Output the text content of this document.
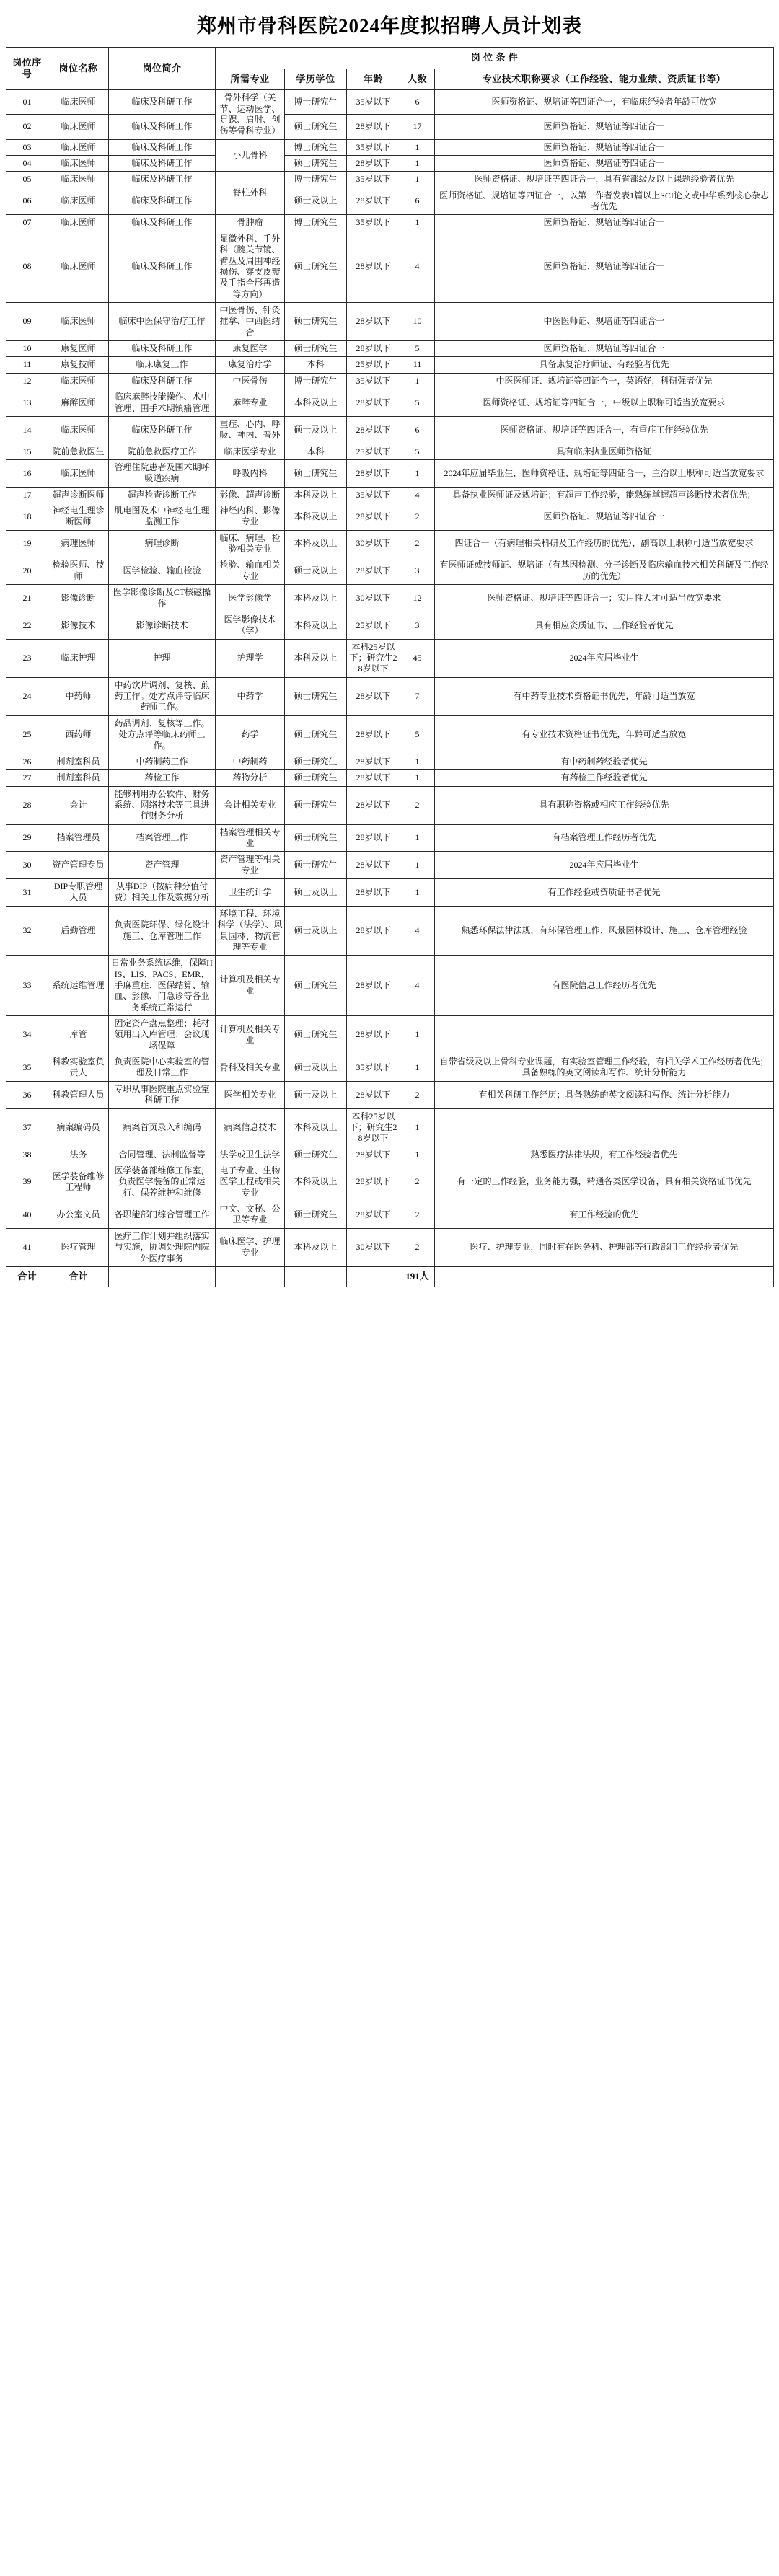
郑州市骨科医院2024年度拟招聘人员计划表
岗位序号	岗位名称	岗位简介	岗 位 条 件				
			所需专业	学历学位	年龄	人数	专业技术职称要求（工作经验、能力业绩、资质证书等）
01	临床医师	临床及科研工作	骨外科学（关节、运动医学、足踝、肩肘、创伤等骨科专业）	博士研究生	35岁以下	6	医师资格证、规培证等四证合一，有临床经验者年龄可放宽
02	临床医师	临床及科研工作		硕士研究生	28岁以下	17	医师资格证、规培证等四证合一
03	临床医师	临床及科研工作	小儿骨科	博士研究生	35岁以下	1	医师资格证、规培证等四证合一
04	临床医师	临床及科研工作		硕士研究生	28岁以下	1	医师资格证、规培证等四证合一
05	临床医师	临床及科研工作	脊柱外科	博士研究生	35岁以下	1	医师资格证、规培证等四证合一，具有省部级及以上课题经验者优先
06	临床医师	临床及科研工作		硕士及以上	28岁以下	6	医师资格证、规培证等四证合一，以第一作者发表1篇以上SCI论文或中华系列核心杂志者优先
07	临床医师	临床及科研工作	骨肿瘤	博士研究生	35岁以下	1	医师资格证、规培证等四证合一
08	临床医师	临床及科研工作	显微外科、手外科（腕关节镜、臂丛及周围神经损伤、穿支皮瓣及手指全形再造等方向）	硕士研究生	28岁以下	4	医师资格证、规培证等四证合一
09	临床医师	临床中医保守治疗工作	中医骨伤、针灸推拿、中西医结合	硕士研究生	28岁以下	10	中医医师证、规培证等四证合一
10	康复医师	临床及科研工作	康复医学	硕士研究生	28岁以下	5	医师资格证、规培证等四证合一
11	康复技师	临床康复工作	康复治疗学	本科	25岁以下	11	具备康复治疗师证、有经验者优先
12	临床医师	临床及科研工作	中医骨伤	博士研究生	35岁以下	1	中医医师证、规培证等四证合一，英语好，科研强者优先
13	麻醉医师	临床麻醉技能操作、术中管理、围手术期镇痛管理	麻醉专业	本科及以上	28岁以下	5	医师资格证、规培证等四证合一，中级以上职称可适当放宽要求
14	临床医师	临床及科研工作	重症、心内、呼吸、神内、普外	硕士及以上	28岁以下	6	医师资格证、规培证等四证合一，有重症工作经验优先
15	院前急救医生	院前急救医疗工作	临床医学专业	本科	25岁以下	5	具有临床执业医师资格证
16	临床医师	管理住院患者及围术期呼吸道疾病	呼吸内科	硕士研究生	28岁以下	1	2024年应届毕业生，医师资格证、规培证等四证合一，主治以上职称可适当放宽要求
17	超声诊断医师	超声检查诊断工作	影像、超声诊断	本科及以上	35岁以下	4	具备执业医师证及规培证；有超声工作经验，能熟练掌握超声诊断技术者优先；
18	神经电生理诊断医师	肌电图及术中神经电生理监测工作	神经内科、影像专业	本科及以上	28岁以下	2	医师资格证、规培证等四证合一
19	病理医师	病理诊断	临床、病理、检验相关专业	本科及以上	30岁以下	2	四证合一（有病理相关科研及工作经历的优先），副高以上职称可适当放宽要求
20	检验医师、技师	医学检验、输血检验	检验、输血相关专业	硕士及以上	28岁以下	3	有医师证或技师证、规培证（有基因检测、分子诊断及临床输血技术相关科研及工作经历的优先）
21	影像诊断	医学影像诊断及CT核磁操作	医学影像学	本科及以上	30岁以下	12	医师资格证、规培证等四证合一；实用性人才可适当放宽要求
22	影像技术	影像诊断技术	医学影像技术（学）	本科及以上	25岁以下	3	具有相应资质证书、工作经验者优先
23	临床护理	护理	护理学	本科及以上	本科25岁以下；研究生28岁以下	45	2024年应届毕业生
24	中药师	中药饮片调剂、复核、煎药工作。处方点评等临床药师工作。	中药学	硕士研究生	28岁以下	7	有中药专业技术资格证书优先，年龄可适当放宽
25	西药师	药品调剂、复核等工作。处方点评等临床药师工作。	药学	硕士研究生	28岁以下	5	有专业技术资格证书优先，年龄可适当放宽
26	制剂室科员	中药制药工作	中药制药	硕士研究生	28岁以下	1	有中药制药经验者优先
27	制剂室科员	药检工作	药物分析	硕士研究生	28岁以下	1	有药检工作经验者优先
28	会计	能够利用办公软件、财务系统、网络技术等工具进行财务分析	会计相关专业	硕士研究生	28岁以下	2	具有职称资格或相应工作经验优先
29	档案管理员	档案管理工作	档案管理相关专业	硕士研究生	28岁以下	1	有档案管理工作经历者优先
30	资产管理专员	资产管理	资产管理等相关专业	硕士研究生	28岁以下	1	2024年应届毕业生
31	DIP专职管理人员	从事DIP（按病种分值付费）相关工作及数据分析	卫生统计学	硕士及以上	28岁以下	1	有工作经验或资质证书者优先
32	后勤管理	负责医院环保、绿化设计施工、仓库管理工作	环境工程、环境科学（法学）、风景园林、物流管理等专业	硕士及以上	28岁以下	4	熟悉环保法律法规，有环保管理工作、风景园林设计、施工、仓库管理经验
33	系统运维管理	日常业务系统运维，保障HIS、LIS、PACS、EMR、手麻重症、医保结算、输血、影像、门急诊等各业务系统正常运行	计算机及相关专业	硕士研究生	28岁以下	4	有医院信息工作经历者优先
34	库管	固定资产盘点整理；耗材领用出入库管理；会议现场保障	计算机及相关专业	硕士研究生	28岁以下	1	
35	科教实验室负责人	负责医院中心实验室的管理及日常工作	骨科及相关专业	硕士及以上	35岁以下	1	自带省级及以上骨科专业课题，有实验室管理工作经验，有相关学术工作经历者优先；具备熟练的英文阅读和写作、统计分析能力
36	科教管理人员	专职从事医院重点实验室科研工作	医学相关专业	硕士及以上	28岁以下	2	有相关科研工作经历；具备熟练的英文阅读和写作、统计分析能力
37	病案编码员	病案首页录入和编码	病案信息技术	本科及以上	本科25岁以下；研究生28岁以下	1	
38	法务	合同管理、法制监督等	法学或卫生法学	硕士研究生	28岁以下	1	熟悉医疗法律法规，有工作经验者优先
39	医学装备维修工程师	医学装备部维修工作室，负责医学装备的正常运行、保养维护和维修	电子专业、生物医学工程或相关专业	本科及以上	28岁以下	2	有一定的工作经验，业务能力强，精通各类医学设备，具有相关资格证书优先
40	办公室文员	各职能部门综合管理工作	中文、文秘、公卫等专业	硕士研究生	28岁以下	2	有工作经验的优先
41	医疗管理	医疗工作计划并组织落实与实施，协调处理院内院外医疗事务	临床医学、护理专业	本科及以上	30岁以下	2	医疗、护理专业，同时有在医务科、护理部等行政部门工作经验者优先
合计	合计					191人	
